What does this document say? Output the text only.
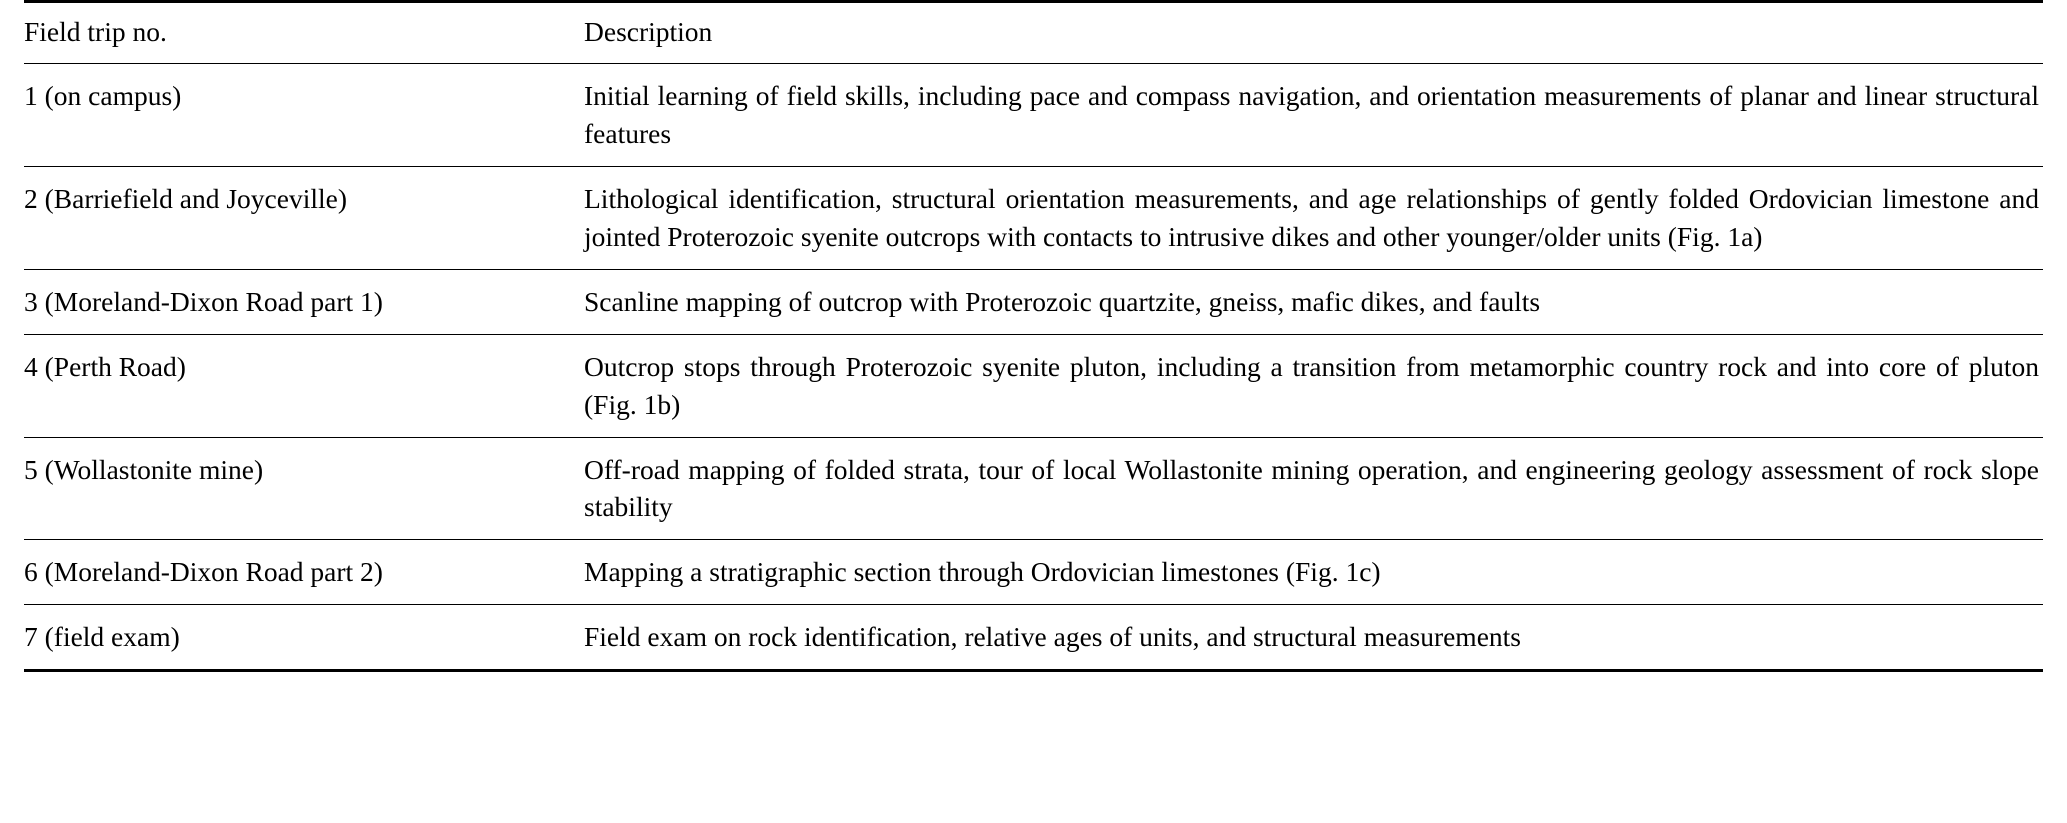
Field trip no.	Description
1 (on campus)	Initial learning of field skills, including pace and compass navigation, and orientation measurements of planar and linear structural features
2 (Barriefield and Joyceville)	Lithological identification, structural orientation measurements, and age relationships of gently folded Ordovician limestone and jointed Proterozoic syenite outcrops with contacts to intrusive dikes and other younger/older units (Fig. 1a)
3 (Moreland-Dixon Road part 1)	Scanline mapping of outcrop with Proterozoic quartzite, gneiss, mafic dikes, and faults
4 (Perth Road)	Outcrop stops through Proterozoic syenite pluton, including a transition from metamorphic country rock and into core of pluton (Fig. 1b)
5 (Wollastonite mine)	Off-road mapping of folded strata, tour of local Wollastonite mining operation, and engineering geology assessment of rock slope stability
6 (Moreland-Dixon Road part 2)	Mapping a stratigraphic section through Ordovician limestones (Fig. 1c)
7 (field exam)	Field exam on rock identification, relative ages of units, and structural measurements
